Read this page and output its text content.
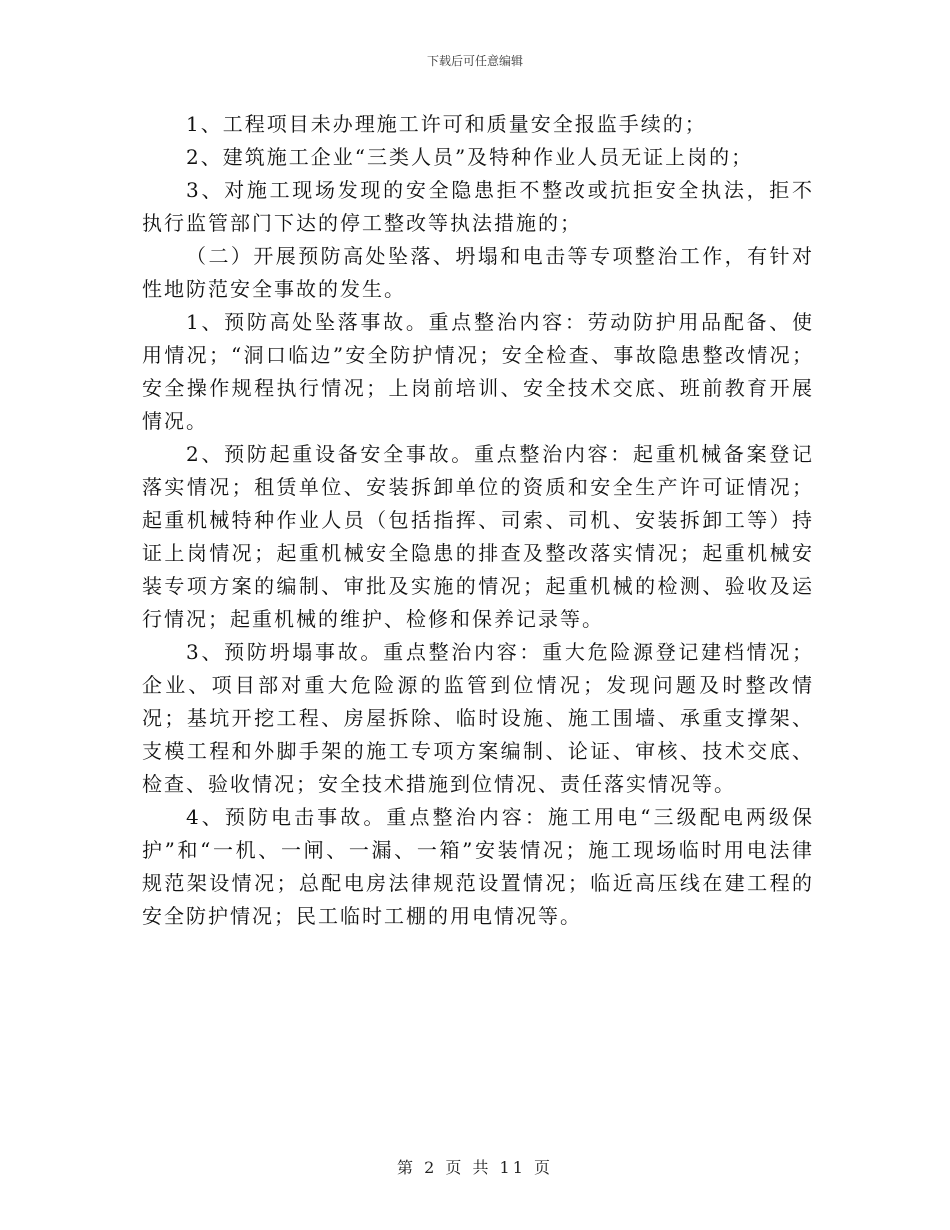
下载后可任意编辑

1、工程项目未办理施工许可和质量安全报监手续的；

2、建筑施工企业“三类人员”及特种作业人员无证上岗的；

3、对施工现场发现的安全隐患拒不整改或抗拒安全执法，拒不执行监管部门下达的停工整改等执法措施的；

（二）开展预防高处坠落、坍塌和电击等专项整治工作，有针对性地防范安全事故的发生。

1、预防高处坠落事故。重点整治内容：劳动防护用品配备、使用情况；“洞口临边”安全防护情况；安全检查、事故隐患整改情况；安全操作规程执行情况；上岗前培训、安全技术交底、班前教育开展情况。

2、预防起重设备安全事故。重点整治内容：起重机械备案登记落实情况；租赁单位、安装拆卸单位的资质和安全生产许可证情况；起重机械特种作业人员（包括指挥、司索、司机、安装拆卸工等）持证上岗情况；起重机械安全隐患的排查及整改落实情况；起重机械安装专项方案的编制、审批及实施的情况；起重机械的检测、验收及运行情况；起重机械的维护、检修和保养记录等。

3、预防坍塌事故。重点整治内容：重大危险源登记建档情况；企业、项目部对重大危险源的监管到位情况；发现问题及时整改情况；基坑开挖工程、房屋拆除、临时设施、施工围墙、承重支撑架、支模工程和外脚手架的施工专项方案编制、论证、审核、技术交底、检查、验收情况；安全技术措施到位情况、责任落实情况等。

4、预防电击事故。重点整治内容：施工用电“三级配电两级保护”和“一机、一闸、一漏、一箱”安装情况；施工现场临时用电法律规范架设情况；总配电房法律规范设置情况；临近高压线在建工程的安全防护情况；民工临时工棚的用电情况等。

第 2 页 共 11 页
